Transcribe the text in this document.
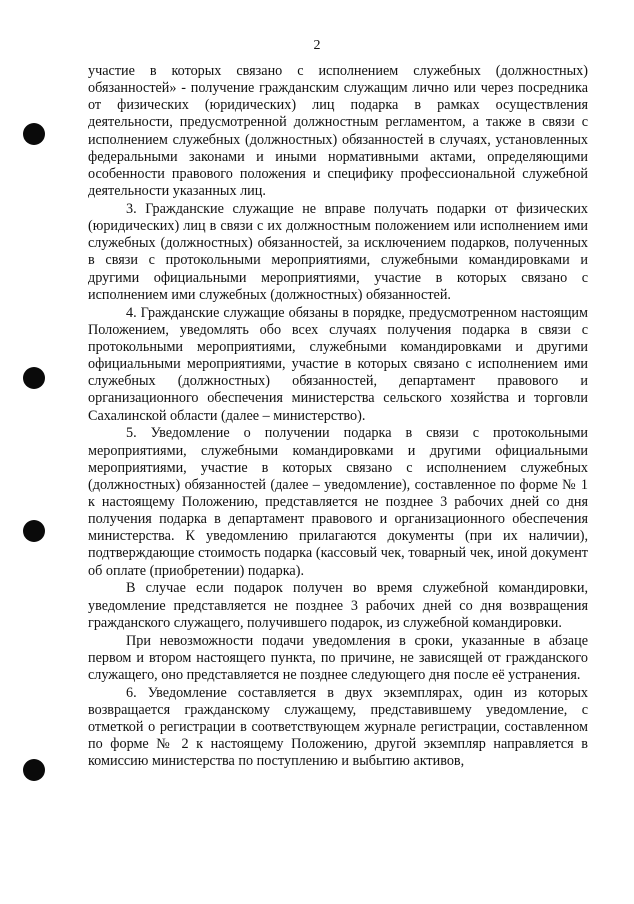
2

участие в которых связано с исполнением служебных (должностных) обязанностей» - получение гражданским служащим лично или через посредника от физических (юридических) лиц подарка в рамках осуществления деятельности, предусмотренной должностным регламентом, а также в связи с исполнением служебных (должностных) обязанностей в случаях, установленных федеральными законами и иными нормативными актами, определяющими особенности правового положения и специфику профессиональной служебной деятельности указанных лиц.

3. Гражданские служащие не вправе получать подарки от физических (юридических) лиц в связи с их должностным положением или исполнением ими служебных (должностных) обязанностей, за исключением подарков, полученных в связи с протокольными мероприятиями, служебными командировками и другими официальными мероприятиями, участие в которых связано с исполнением ими служебных (должностных) обязанностей.

4. Гражданские служащие обязаны в порядке, предусмотренном настоящим Положением, уведомлять обо всех случаях получения подарка в связи с протокольными мероприятиями, служебными командировками и другими официальными мероприятиями, участие в которых связано с исполнением ими служебных (должностных) обязанностей, департамент правового и организационного обеспечения министерства сельского хозяйства и торговли Сахалинской области (далее – министерство).

5. Уведомление о получении подарка в связи с протокольными мероприятиями, служебными командировками и другими официальными мероприятиями, участие в которых связано с исполнением служебных (должностных) обязанностей (далее – уведомление), составленное по форме № 1 к настоящему Положению, представляется не позднее 3 рабочих дней со дня получения подарка в департамент правового и организационного обеспечения министерства. К уведомлению прилагаются документы (при их наличии), подтверждающие стоимость подарка (кассовый чек, товарный чек, иной документ об оплате (приобретении) подарка).

В случае если подарок получен во время служебной командировки, уведомление представляется не позднее 3 рабочих дней со дня возвращения гражданского служащего, получившего подарок, из служебной командировки.

При невозможности подачи уведомления в сроки, указанные в абзаце первом и втором настоящего пункта, по причине, не зависящей от гражданского служащего, оно представляется не позднее следующего дня после её устранения.

6. Уведомление составляется в двух экземплярах, один из которых возвращается гражданскому служащему, представившему уведомление, с отметкой о регистрации в соответствующем журнале регистрации, составленном по форме № 2 к настоящему Положению, другой экземпляр направляется в комиссию министерства по поступлению и выбытию активов,
